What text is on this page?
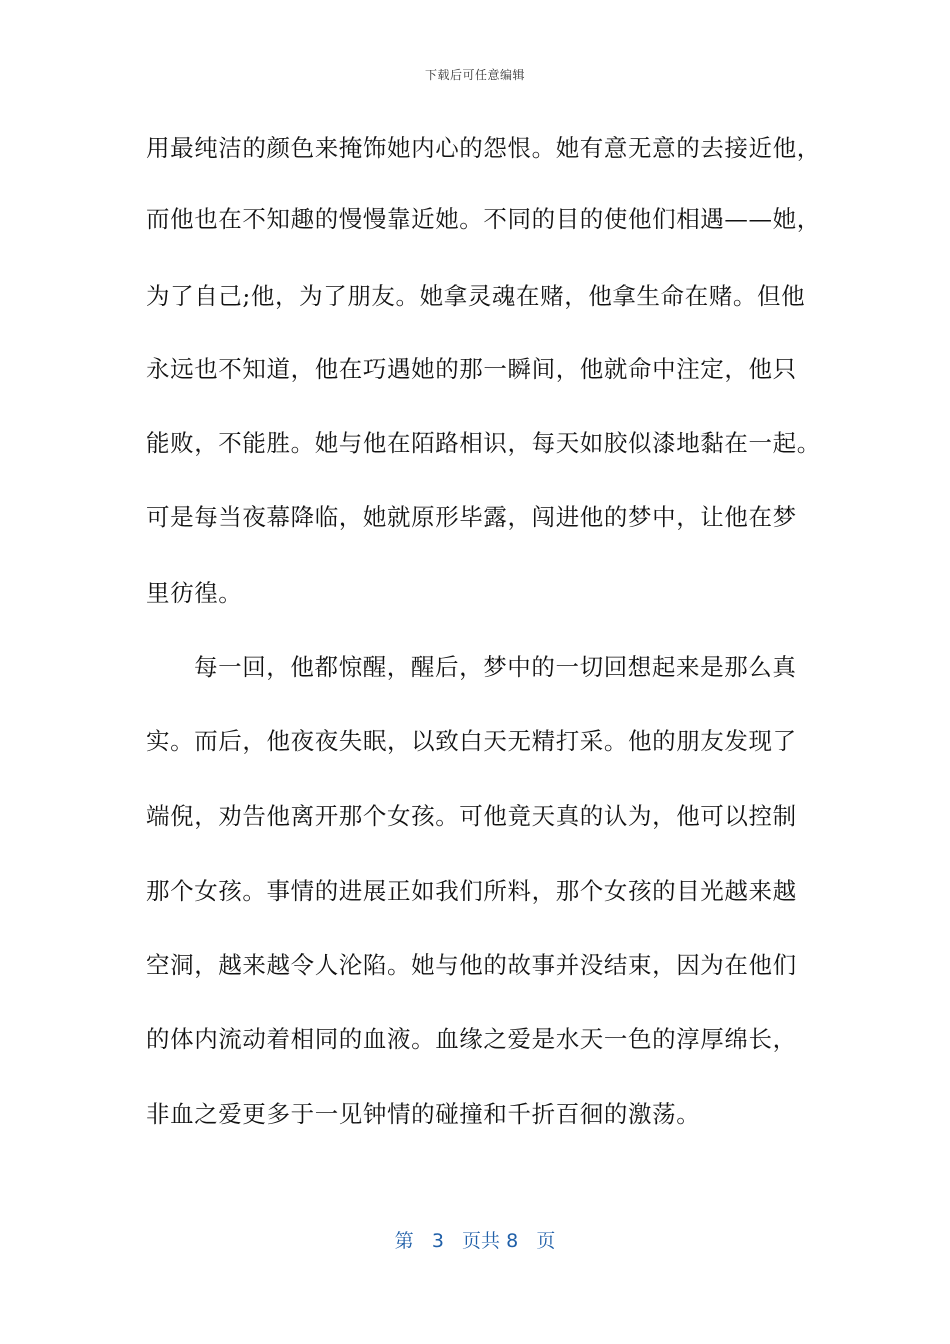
下载后可任意编辑
用最纯洁的颜色来掩饰她内心的怨恨。她有意无意的去接近他，
而他也在不知趣的慢慢靠近她。不同的目的使他们相遇——她，
为了自己;他，为了朋友。她拿灵魂在赌，他拿生命在赌。但他
永远也不知道，他在巧遇她的那一瞬间，他就命中注定，他只
能败，不能胜。她与他在陌路相识，每天如胶似漆地黏在一起。
可是每当夜幕降临，她就原形毕露，闯进他的梦中，让他在梦
里彷徨。
每一回，他都惊醒，醒后，梦中的一切回想起来是那么真
实。而后，他夜夜失眠，以致白天无精打采。他的朋友发现了
端倪，劝告他离开那个女孩。可他竟天真的认为，他可以控制
那个女孩。事情的进展正如我们所料，那个女孩的目光越来越
空洞，越来越令人沦陷。她与他的故事并没结束，因为在他们
的体内流动着相同的血液。血缘之爱是水天一色的淳厚绵长，
非血之爱更多于一见钟情的碰撞和千折百徊的激荡。
第 3 页共 8 页
